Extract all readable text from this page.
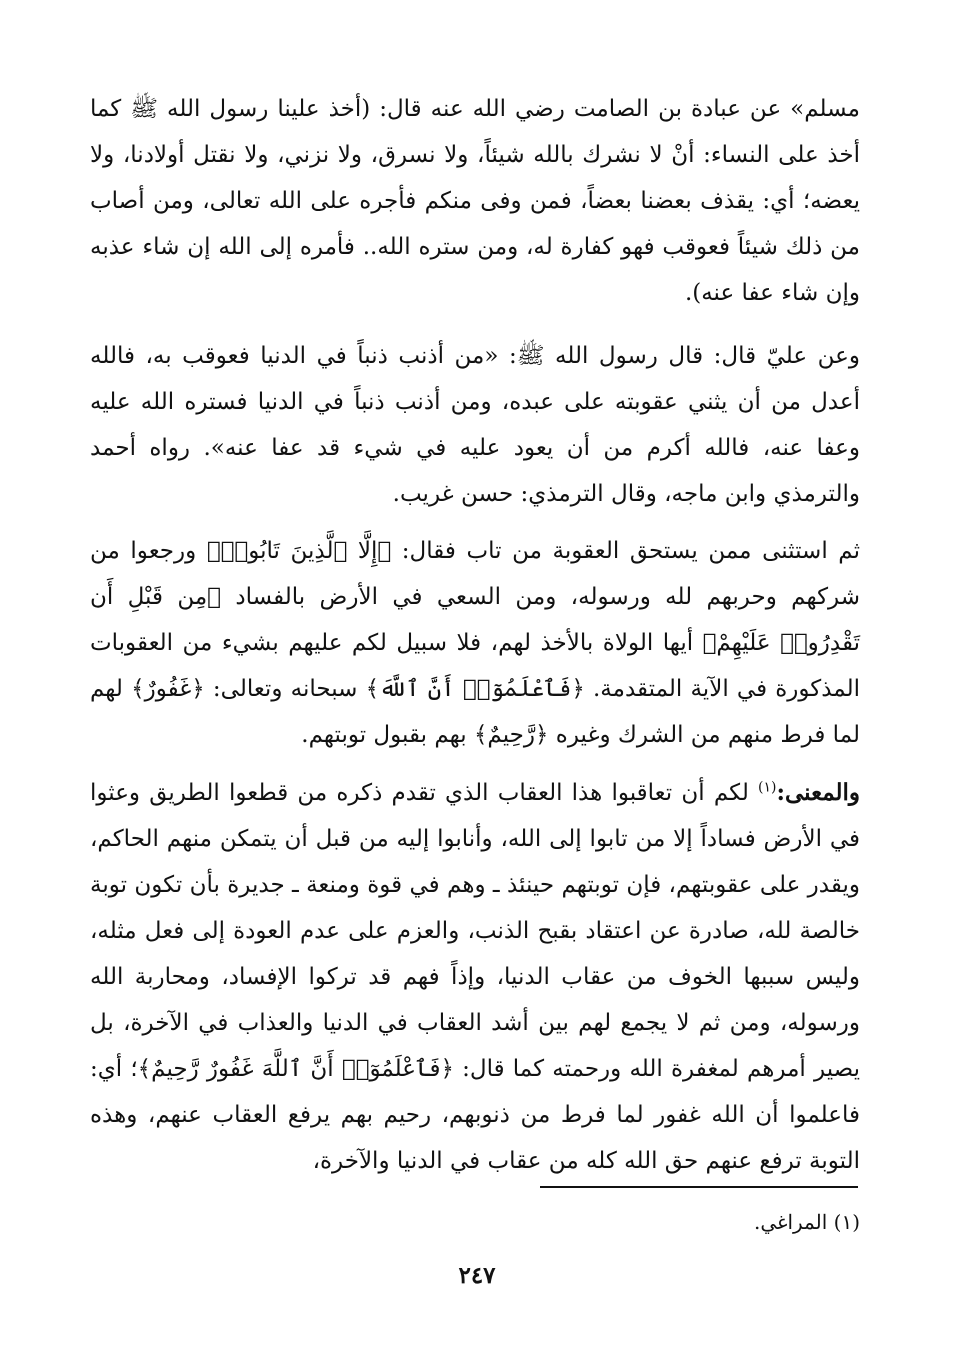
مسلم» عن عبادة بن الصامت رضي الله عنه قال: (أخذ علينا رسول الله ﷺ كما أخذ على النساء: أنْ لا نشرك بالله شيئاً، ولا نسرق، ولا نزني، ولا نقتل أولادنا، ولا يعضه؛ أي: يقذف بعضنا بعضاً، فمن وفى منكم فأجره على الله تعالى، ومن أصاب من ذلك شيئاً فعوقب فهو كفارة له، ومن ستره الله.. فأمره إلى الله إن شاء عذبه وإن شاء عفا عنه).

وعن عليّ قال: قال رسول الله ﷺ: «من أذنب ذنباً في الدنيا فعوقب به، فالله أعدل من أن يثني عقوبته على عبده، ومن أذنب ذنباً في الدنيا فستره الله عليه وعفا عنه، فالله أكرم من أن يعود عليه في شيء قد عفا عنه». رواه أحمد والترمذي وابن ماجه، وقال الترمذي: حسن غريب.

ثم استثنى ممن يستحق العقوبة من تاب فقال: ﴿إِلَّا ٱلَّذِينَ تَابُوا۟﴾ ورجعوا من شركهم وحربهم لله ورسوله، ومن السعي في الأرض بالفساد ﴿مِن قَبْلِ أَن تَقْدِرُوا۟ عَلَيْهِمْ﴾ أيها الولاة بالأخذ لهم، فلا سبيل لكم عليهم بشيء من العقوبات المذكورة في الآية المتقدمة. ﴿فَٱعْلَمُوٓا۟ أَنَّ ٱللَّهَ﴾ سبحانه وتعالى: ﴿غَفُورٌ﴾ لهم لما فرط منهم من الشرك وغيره ﴿رَّحِيمٌ﴾ بهم بقبول توبتهم.

والمعنى:$^{(١)}$ لكم أن تعاقبوا هذا العقاب الذي تقدم ذكره من قطعوا الطريق وعثوا في الأرض فساداً إلا من تابوا إلى الله، وأنابوا إليه من قبل أن يتمكن منهم الحاكم، ويقدر على عقوبتهم، فإن توبتهم حينئذ ـ وهم في قوة ومنعة ـ جديرة بأن تكون توبة خالصة لله، صادرة عن اعتقاد بقبح الذنب، والعزم على عدم العودة إلى فعل مثله، وليس سببها الخوف من عقاب الدنيا، وإذاً فهم قد تركوا الإفساد، ومحاربة الله ورسوله، ومن ثم لا يجمع لهم بين أشد العقاب في الدنيا والعذاب في الآخرة، بل يصير أمرهم لمغفرة الله ورحمته كما قال: ﴿فَٱعْلَمُوٓا۟ أَنَّ ٱللَّهَ غَفُورٌ رَّحِيمٌ﴾؛ أي: فاعلموا أن الله غفور لما فرط من ذنوبهم، رحيم بهم يرفع العقاب عنهم، وهذه التوبة ترفع عنهم حق الله كله من عقاب في الدنيا والآخرة،

(١) المراغي.

٢٤٧
